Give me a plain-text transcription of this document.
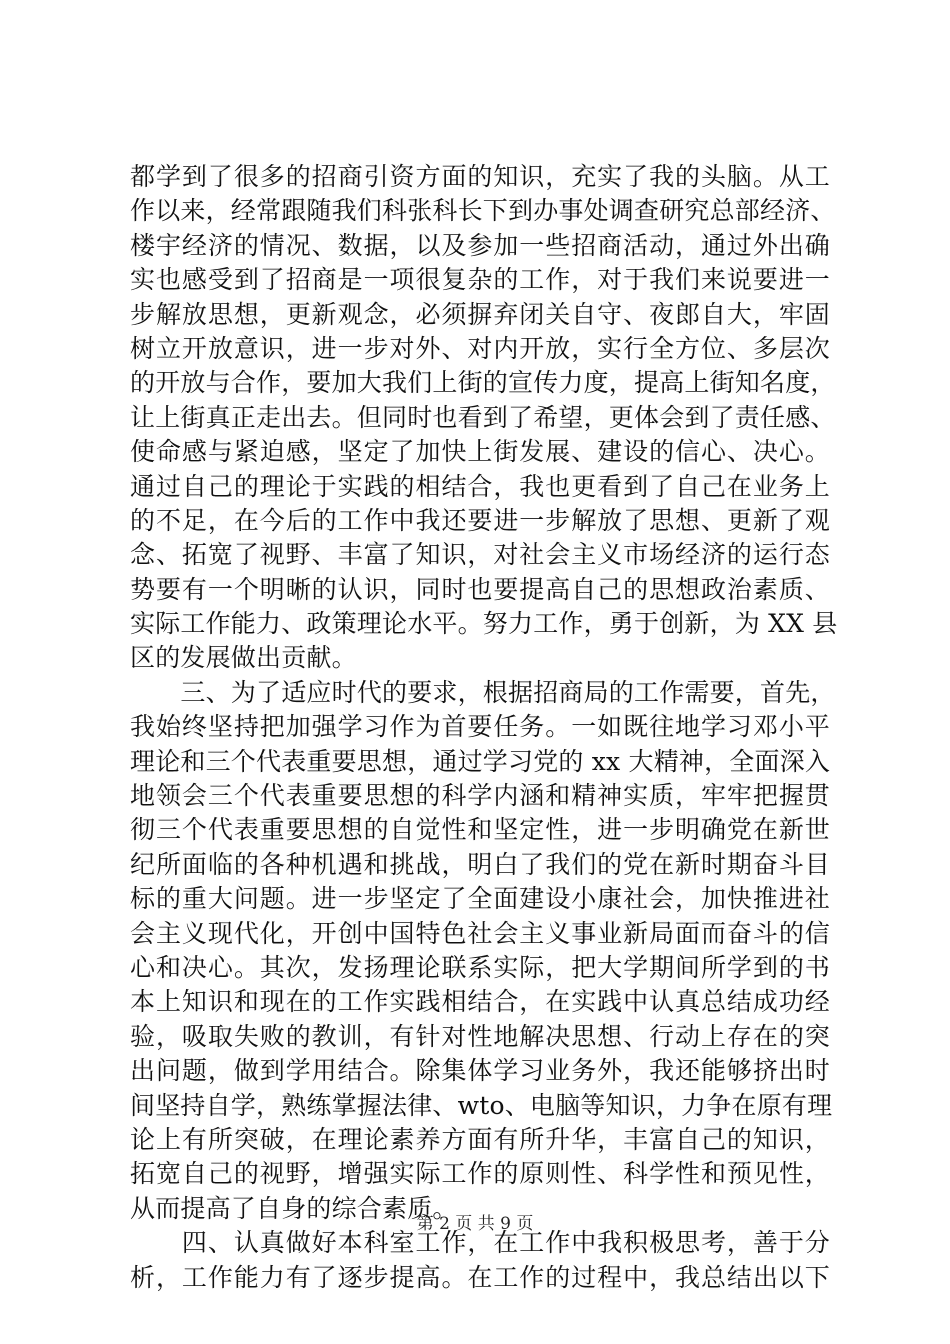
都学到了很多的招商引资方面的知识，充实了我的头脑。从工
作以来，经常跟随我们科张科长下到办事处调查研究总部经济、
楼宇经济的情况、数据，以及参加一些招商活动，通过外出确
实也感受到了招商是一项很复杂的工作，对于我们来说要进一
步解放思想，更新观念，必须摒弃闭关自守、夜郎自大，牢固
树立开放意识，进一步对外、对内开放，实行全方位、多层次
的开放与合作，要加大我们上街的宣传力度，提高上街知名度，
让上街真正走出去。但同时也看到了希望，更体会到了责任感、
使命感与紧迫感，坚定了加快上街发展、建设的信心、决心。
通过自己的理论于实践的相结合，我也更看到了自己在业务上
的不足，在今后的工作中我还要进一步解放了思想、更新了观
念、拓宽了视野、丰富了知识，对社会主义市场经济的运行态
势要有一个明晰的认识，同时也要提高自己的思想政治素质、
实际工作能力、政策理论水平。努力工作，勇于创新，为 XX 县
区的发展做出贡献。
　　三、为了适应时代的要求，根据招商局的工作需要，首先，
我始终坚持把加强学习作为首要任务。一如既往地学习邓小平
理论和三个代表重要思想，通过学习党的 xx 大精神，全面深入
地领会三个代表重要思想的科学内涵和精神实质，牢牢把握贯
彻三个代表重要思想的自觉性和坚定性，进一步明确党在新世
纪所面临的各种机遇和挑战，明白了我们的党在新时期奋斗目
标的重大问题。进一步坚定了全面建设小康社会，加快推进社
会主义现代化，开创中国特色社会主义事业新局面而奋斗的信
心和决心。其次，发扬理论联系实际，把大学期间所学到的书
本上知识和现在的工作实践相结合，在实践中认真总结成功经
验，吸取失败的教训，有针对性地解决思想、行动上存在的突
出问题，做到学用结合。除集体学习业务外，我还能够挤出时
间坚持自学，熟练掌握法律、wto、电脑等知识，力争在原有理
论上有所突破，在理论素养方面有所升华，丰富自己的知识，
拓宽自己的视野，增强实际工作的原则性、科学性和预见性，
从而提高了自身的综合素质。
　　四、认真做好本科室工作，在工作中我积极思考，善于分
析，工作能力有了逐步提高。在工作的过程中，我总结出以下
第 2 页 共 9 页
